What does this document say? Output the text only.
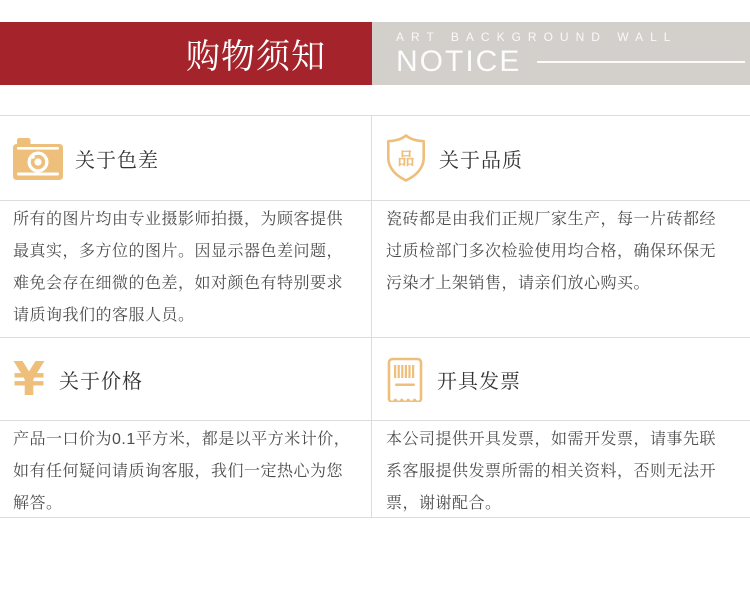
购物须知
ART BACKGROUND WALL
NOTICE
关于色差	品 关于品质
所有的图片均由专业摄影师拍摄，为顾客提供
最真实，多方位的图片。因显示器色差问题，
难免会存在细微的色差，如对颜色有特别要求
请质询我们的客服人员。
瓷砖都是由我们正规厂家生产，每一片砖都经
过质检部门多次检验使用均合格，确保环保无
污染才上架销售，请亲们放心购买。
¥ 关于价格	开具发票
产品一口价为0.1平方米，都是以平方米计价，
如有任何疑问请质询客服，我们一定热心为您
解答。
本公司提供开具发票，如需开发票，请事先联
系客服提供发票所需的相关资料，否则无法开
票，谢谢配合。
